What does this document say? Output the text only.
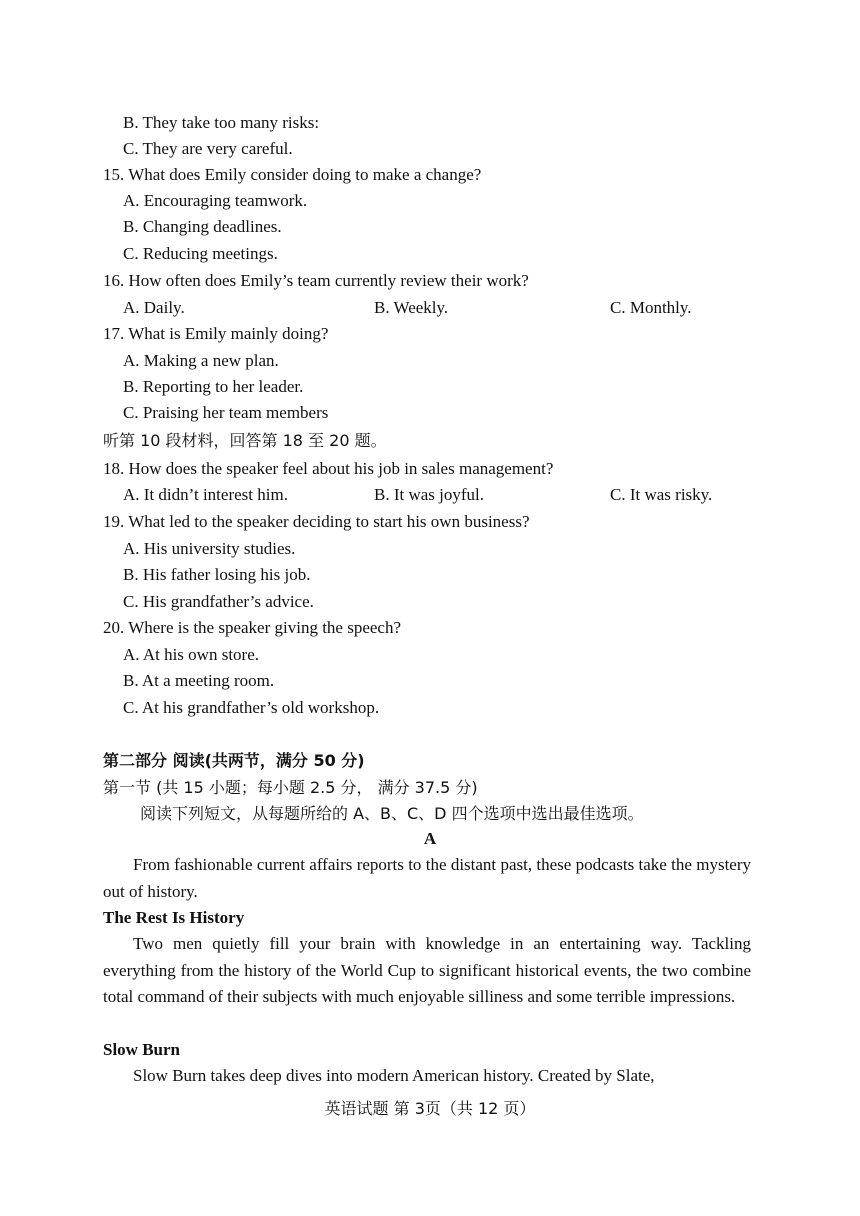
B. They take too many risks:
C. They are very careful.
15. What does Emily consider doing to make a change?
A. Encouraging teamwork.
B. Changing deadlines.
C. Reducing meetings.
16. How often does Emily’s team currently review their work?
A. Daily.	B. Weekly.	C. Monthly.
17. What is Emily mainly doing?
A. Making a new plan.
B. Reporting to her leader.
C. Praising her team members
听第 10 段材料，回答第 18 至 20 题。
18. How does the speaker feel about his job in sales management?
A. It didn’t interest him.	B. It was joyful.	C. It was risky.
19. What led to the speaker deciding to start his own business?
A. His university studies.
B. His father losing his job.
C. His grandfather’s advice.
20. Where is the speaker giving the speech?
A. At his own store.
B. At a meeting room.
C. At his grandfather’s old workshop.
第二部分 阅读(共两节，满分 50 分)
第一节 (共 15 小题；每小题 2.5 分， 满分 37.5 分)
阅读下列短文，从每题所给的 A、B、C、D 四个选项中选出最佳选项。
A
From fashionable current affairs reports to the distant past, these podcasts take the mystery out of history.
The Rest Is History
Two men quietly fill your brain with knowledge in an entertaining way. Tackling everything from the history of the World Cup to significant historical events, the two combine total command of their subjects with much enjoyable silliness and some terrible impressions.
Slow Burn
Slow Burn takes deep dives into modern American history. Created by Slate,
英语试题 第 3页（共 12 页）
